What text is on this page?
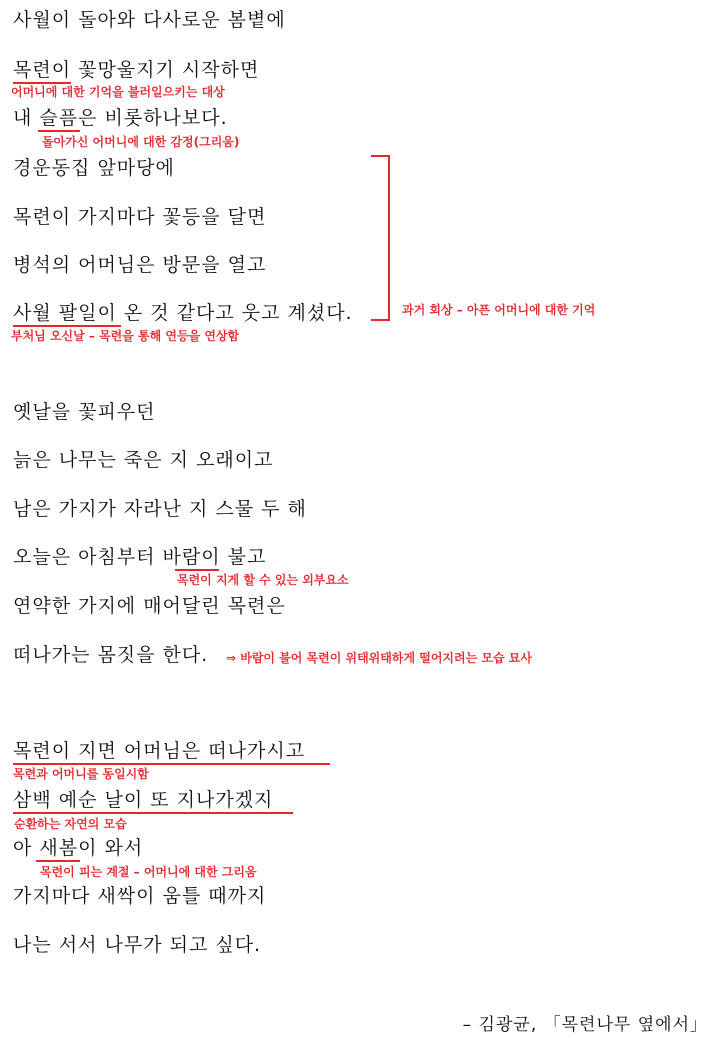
사월이 돌아와 다사로운 봄볕에
목련이 꽃망울지기 시작하면
내 슬픔은 비롯하나보다.
경운동집 앞마당에
목련이 가지마다 꽃등을 달면
병석의 어머님은 방문을 열고
사월 팔일이 온 것 같다고 웃고 계셨다.
옛날을 꽃피우던
늙은 나무는 죽은 지 오래이고
남은 가지가 자라난 지 스물 두 해
오늘은 아침부터 바람이 불고
연약한 가지에 매어달린 목련은
떠나가는 몸짓을 한다.
목련이 지면 어머님은 떠나가시고
삼백 예순 날이 또 지나가겠지
아 새봄이 와서
가지마다 새싹이 움틀 때까지
나는 서서 나무가 되고 싶다.
어머니에 대한 기억을 불러일으키는 대상
돌아가신 어머니에 대한 감정(그리움)
과거 회상 – 아픈 어머니에 대한 기억
부처님 오신날 – 목련을 통해 연등을 연상함
목련이 지게 할 수 있는 외부요소
⇒ 바람이 불어 목련이 위태위태하게 떨어지려는 모습 묘사
목련과 어머니를 동일시함
순환하는 자연의 모습
목련이 피는 계절 – 어머니에 대한 그리움
– 김광균, 「목련나무 옆에서」
